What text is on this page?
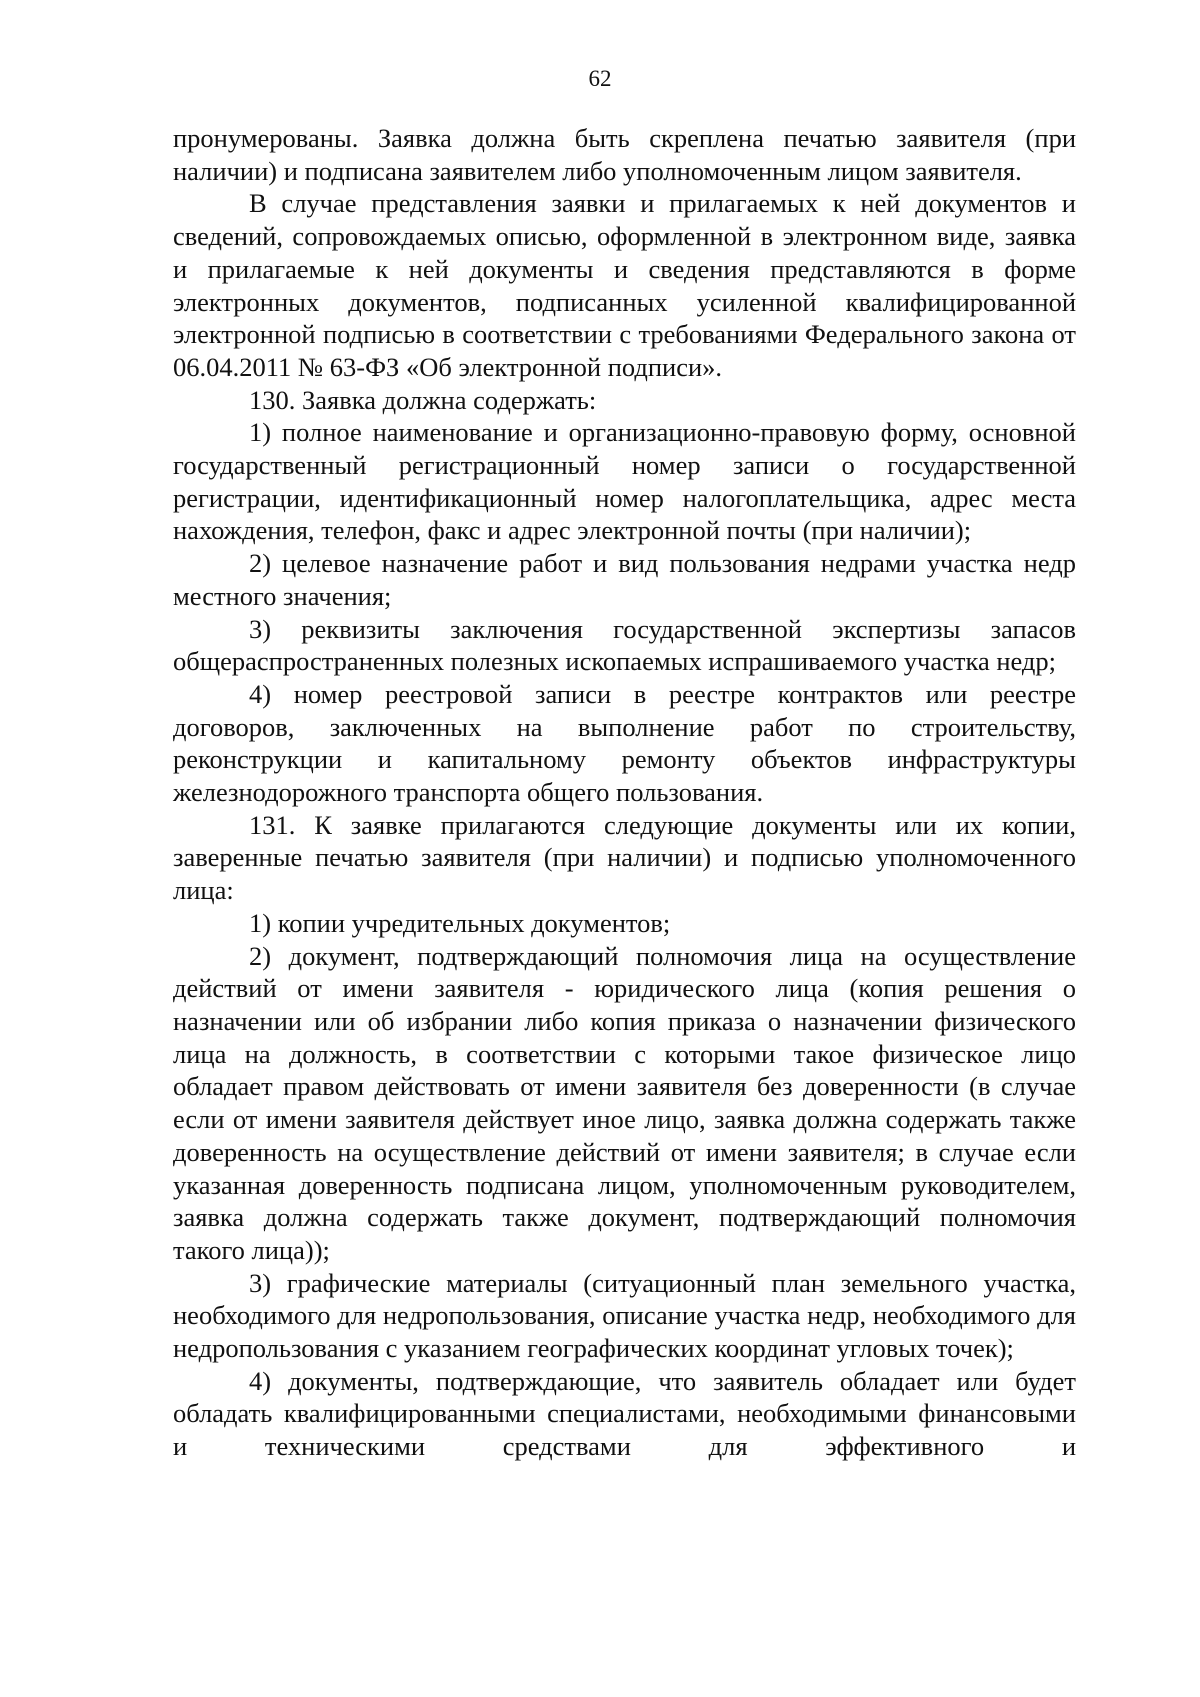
62

пронумерованы. Заявка должна быть скреплена печатью заявителя (при наличии) и подписана заявителем либо уполномоченным лицом заявителя.

В случае представления заявки и прилагаемых к ней документов и сведений, сопровождаемых описью, оформленной в электронном виде, заявка и прилагаемые к ней документы и сведения представляются в форме электронных документов, подписанных усиленной квалифицированной электронной подписью в соответствии с требованиями Федерального закона от 06.04.2011 № 63-ФЗ «Об электронной подписи».

130. Заявка должна содержать:

1) полное наименование и организационно-правовую форму, основной государственный регистрационный номер записи о государственной регистрации, идентификационный номер налогоплательщика, адрес места нахождения, телефон, факс и адрес электронной почты (при наличии);

2) целевое назначение работ и вид пользования недрами участка недр местного значения;

3) реквизиты заключения государственной экспертизы запасов общераспространенных полезных ископаемых испрашиваемого участка недр;

4) номер реестровой записи в реестре контрактов или реестре договоров, заключенных на выполнение работ по строительству, реконструкции и капитальному ремонту объектов инфраструктуры железнодорожного транспорта общего пользования.

131. К заявке прилагаются следующие документы или их копии, заверенные печатью заявителя (при наличии) и подписью уполномоченного лица:

1) копии учредительных документов;

2) документ, подтверждающий полномочия лица на осуществление действий от имени заявителя - юридического лица (копия решения о назначении или об избрании либо копия приказа о назначении физического лица на должность, в соответствии с которыми такое физическое лицо обладает правом действовать от имени заявителя без доверенности (в случае если от имени заявителя действует иное лицо, заявка должна содержать также доверенность на осуществление действий от имени заявителя; в случае если указанная доверенность подписана лицом, уполномоченным руководителем, заявка должна содержать также документ, подтверждающий полномочия такого лица));

3) графические материалы (ситуационный план земельного участка, необходимого для недропользования, описание участка недр, необходимого для недропользования с указанием географических координат угловых точек);

4) документы, подтверждающие, что заявитель обладает или будет обладать квалифицированными специалистами, необходимыми финансовыми и техническими средствами для эффективного и
